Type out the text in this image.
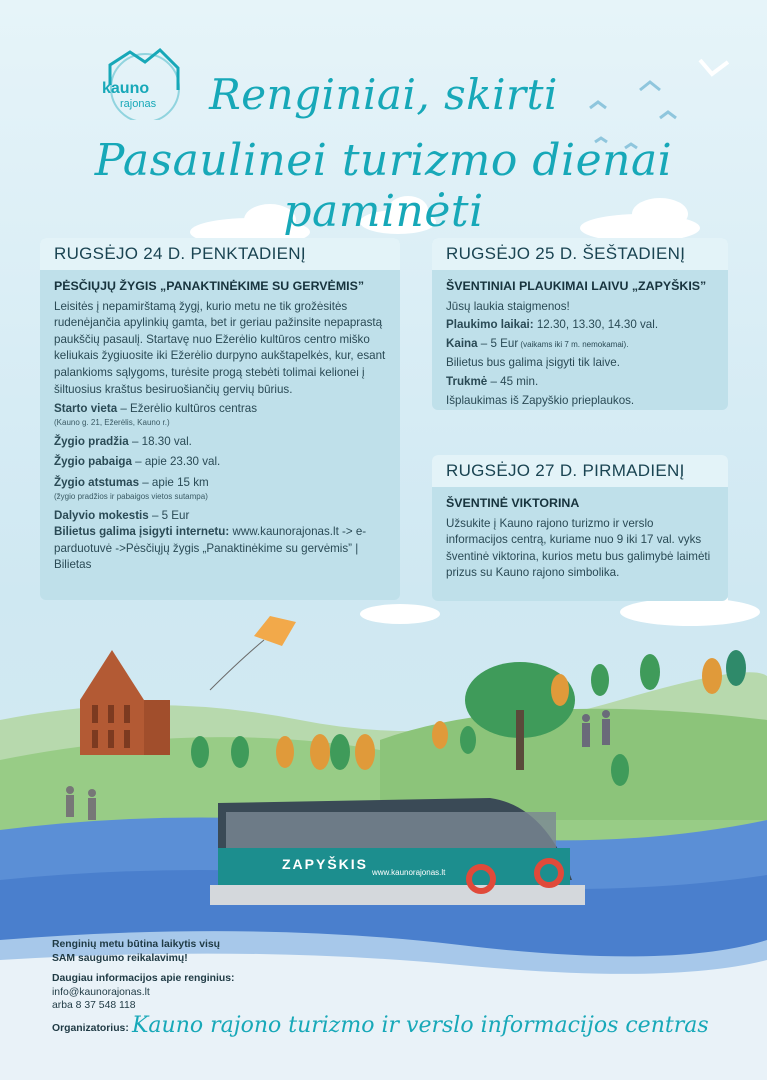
kauno
rajonas	Renginiai, skirti
Pasaulinei turizmo dienai paminėti
RUGSĖJO 24 D. PENKTADIENĮ
PĖSČIŲJŲ ŽYGIS „PANAKTINĖKIME SU GERVĖMIS”
Leisitės į nepamirštamą žygį, kurio metu ne tik grožėsitės rudenėjančia apylinkių gamta, bet ir geriau pažinsite nepaprastą paukščių pasaulį. Startavę nuo Ežerėlio kultūros centro miško keliukais žygiuosite iki Ežerėlio durpyno aukštapelkės, kur, esant palankioms sąlygoms, turėsite progą stebėti tolimai kelionei į šiltuosius kraštus besiruošiančių gervių būrius.
Starto vieta – Ežerėlio kultūros centras
(Kauno g. 21, Ežerėlis, Kauno r.)
Žygio pradžia – 18.30 val.
Žygio pabaiga – apie 23.30 val.
Žygio atstumas – apie 15 km
(žygio pradžios ir pabaigos vietos sutampa)
Dalyvio mokestis – 5 Eur
Bilietus galima įsigyti internetu: www.kaunorajonas.lt -> e-parduotuvė ->Pėsčiųjų žygis „Panaktinėkime su gervėmis” | Bilietas
RUGSĖJO 25 D. ŠEŠTADIENĮ
ŠVENTINIAI PLAUKIMAI LAIVU „ZAPYŠKIS”
Jūsų laukia staigmenos!
Plaukimo laikai: 12.30, 13.30, 14.30 val.
Kaina – 5 Eur (vaikams iki 7 m. nemokamai).
Bilietus bus galima įsigyti tik laive.
Trukmė – 45 min.
Išplaukimas iš Zapyškio prieplaukos.
RUGSĖJO 27 D. PIRMADIENĮ
ŠVENTINĖ VIKTORINA
Užsukite į Kauno rajono turizmo ir verslo informacijos centrą, kuriame nuo 9 iki 17 val. vyks šventinė viktorina, kurios metu bus galimybė laimėti prizus su Kauno rajono simbolika.
ZAPYŠKIS
www.kaunorajonas.lt
Renginių metu būtina laikytis visų
SAM saugumo reikalavimų!
Daugiau informacijos apie renginius:
info@kaunorajonas.lt
arba 8 37 548 118
Organizatorius: Kauno rajono turizmo ir verslo informacijos centras
